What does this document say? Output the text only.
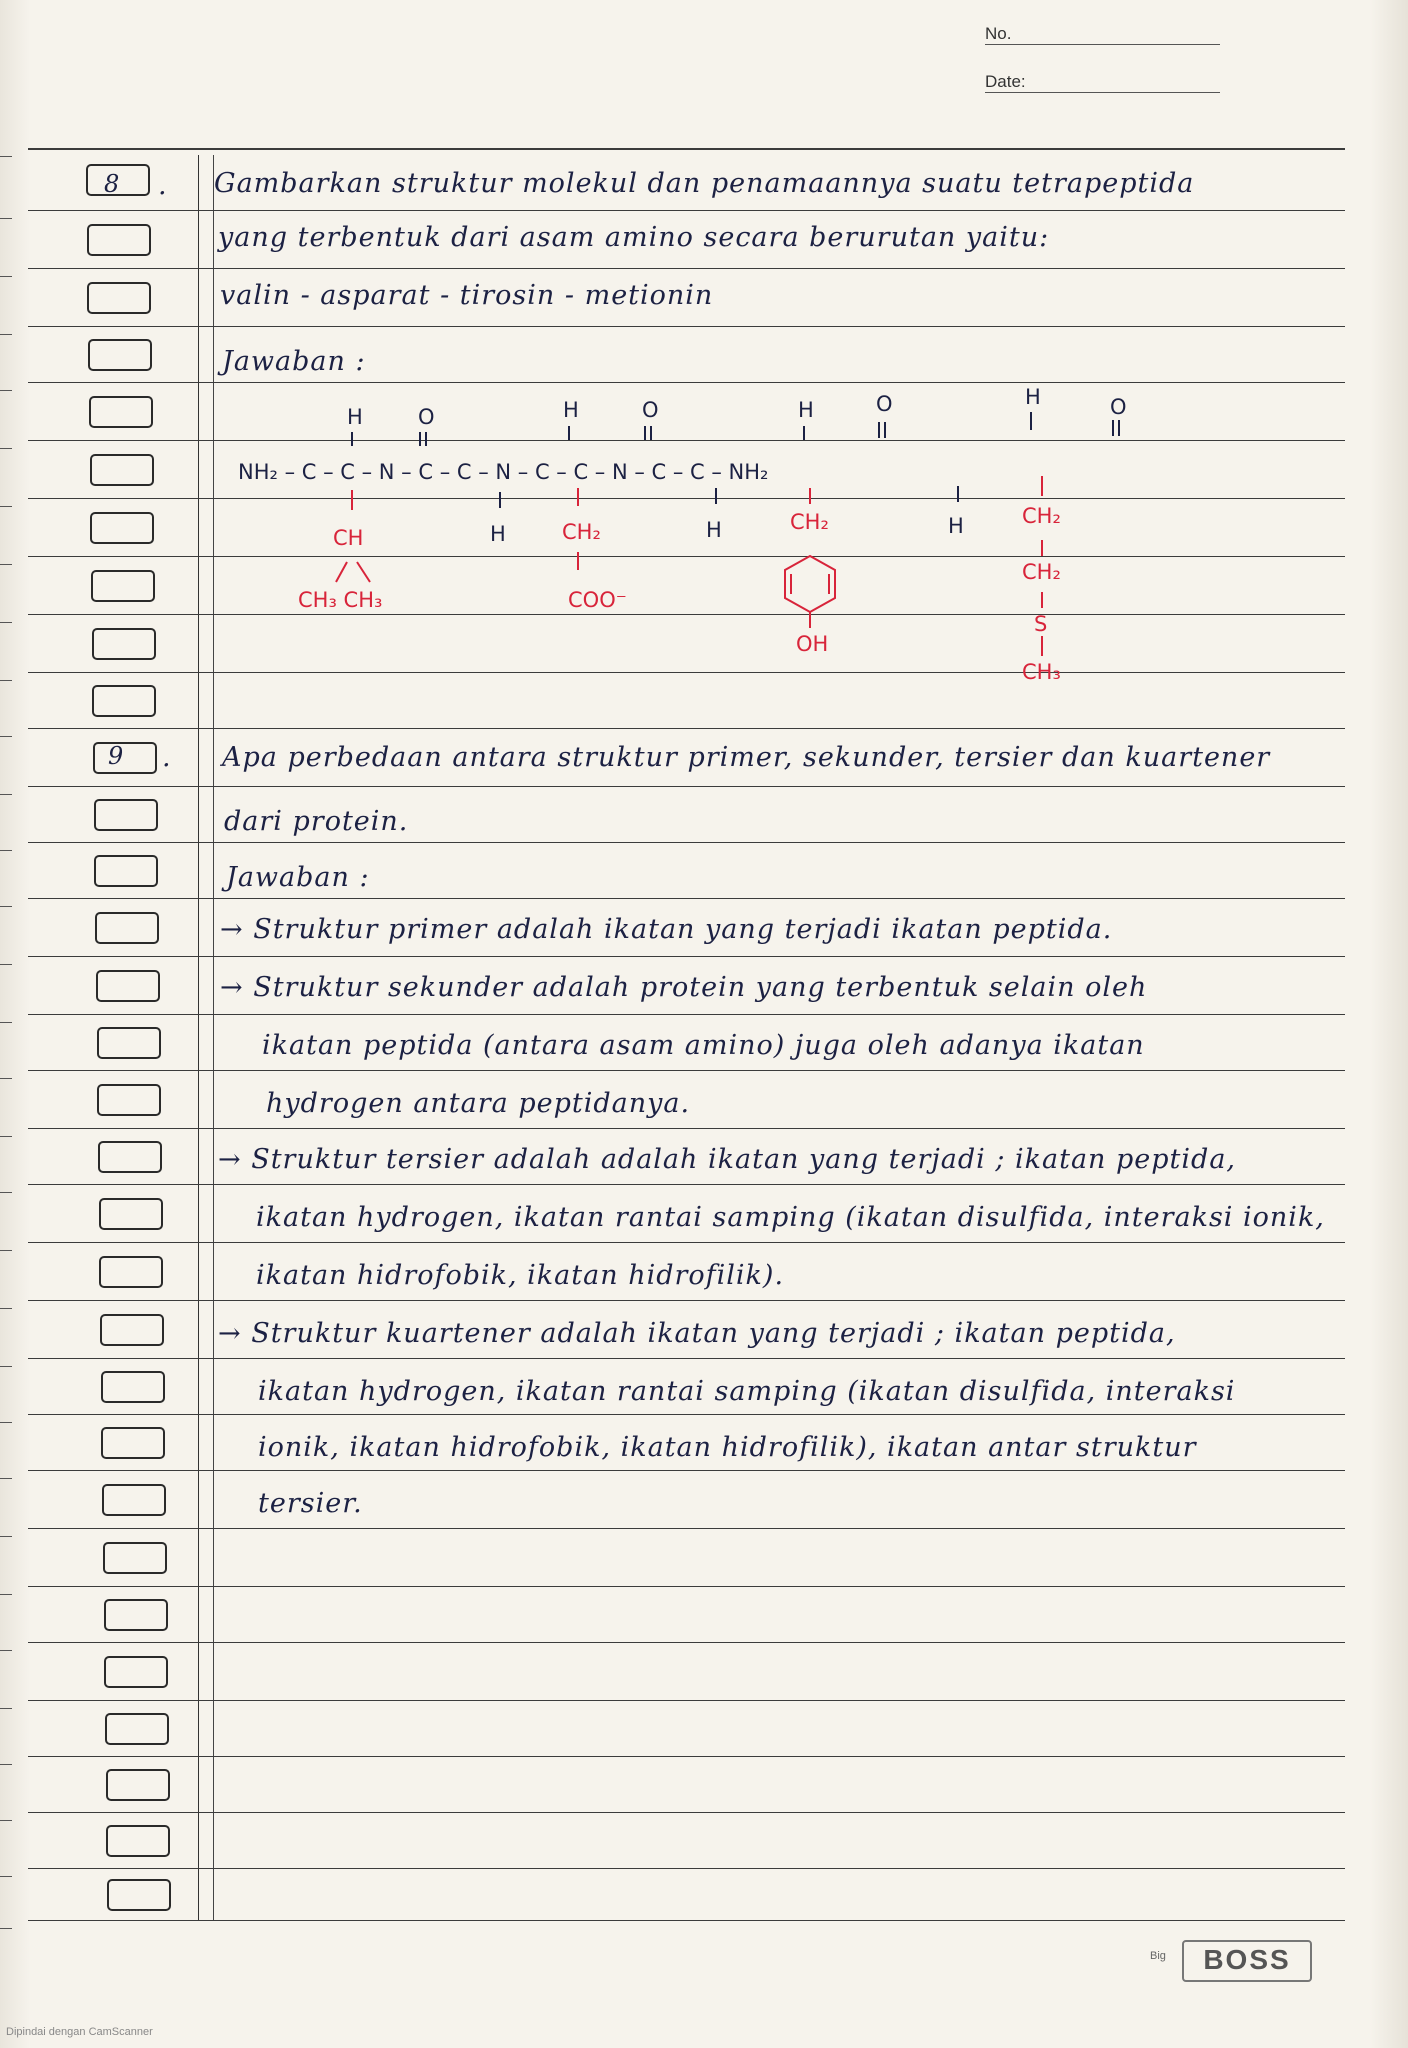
No.
Date:
8 . Gambarkan struktur molekul dan penamaannya suatu tetrapeptida
yang terbentuk dari asam amino secara berurutan yaitu:
valin - asparat - tirosin - metionin
Jawaban :
H	O	H	O	H	O	H	O
NH₂ – C – C – N – C – C – N – C – C – N – C – C – NH₂
H	H	H
CH
CH₃ CH₃
CH₂
COO⁻
CH₂
OH
CH₂
CH₂
S
CH₃
9 . Apa perbedaan antara struktur primer, sekunder, tersier dan kuartener
dari protein.
Jawaban :
→ Struktur primer adalah ikatan yang terjadi ikatan peptida.
→ Struktur sekunder adalah protein yang terbentuk selain oleh
ikatan peptida (antara asam amino) juga oleh adanya ikatan
hydrogen antara peptidanya.
→ Struktur tersier adalah adalah ikatan yang terjadi ; ikatan peptida,
ikatan hydrogen, ikatan rantai samping (ikatan disulfida, interaksi ionik,
ikatan hidrofobik, ikatan hidrofilik).
→ Struktur kuartener adalah ikatan yang terjadi ; ikatan peptida,
ikatan hydrogen, ikatan rantai samping (ikatan disulfida, interaksi
ionik, ikatan hidrofobik, ikatan hidrofilik), ikatan antar struktur
tersier.
Big	BOSS
Dipindai dengan CamScanner
